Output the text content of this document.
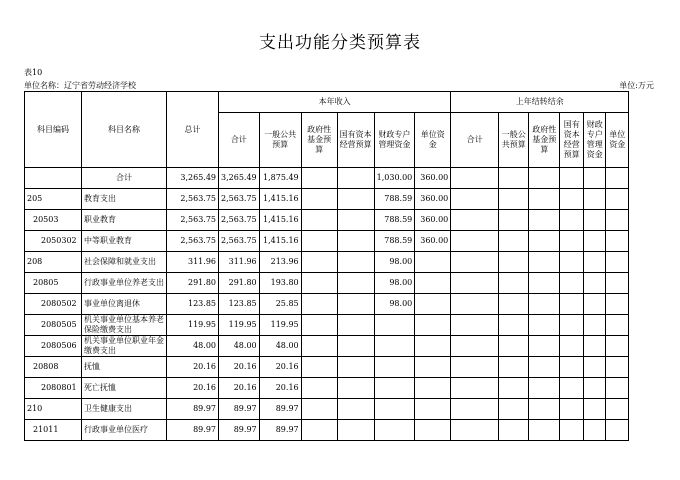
支出功能分类预算表
表10
单位名称：辽宁省劳动经济学校	单位:万元
科目编码	科目名称	总计	本年收入						上年结转结余					
			合计	一般公共预算	政府性基金预算	国有资本经营预算	财政专户管理资金	单位资金	合计	一般公共预算	政府性基金预算	国有资本经营预算	财政专户管理资金	单位资金
	合计	3,265.49	3,265.49	1,875.49			1,030.00	360.00						
205	教育支出	2,563.75	2,563.75	1,415.16			788.59	360.00						
20503	职业教育	2,563.75	2,563.75	1,415.16			788.59	360.00						
2050302	中等职业教育	2,563.75	2,563.75	1,415.16			788.59	360.00						
208	社会保障和就业支出	311.96	311.96	213.96			98.00							
20805	行政事业单位养老支出	291.80	291.80	193.80			98.00							
2080502	事业单位离退休	123.85	123.85	25.85			98.00							
2080505	机关事业单位基本养老保险缴费支出	119.95	119.95	119.95										
2080506	机关事业单位职业年金缴费支出	48.00	48.00	48.00										
20808	抚恤	20.16	20.16	20.16										
2080801	死亡抚恤	20.16	20.16	20.16										
210	卫生健康支出	89.97	89.97	89.97										
21011	行政事业单位医疗	89.97	89.97	89.97										
